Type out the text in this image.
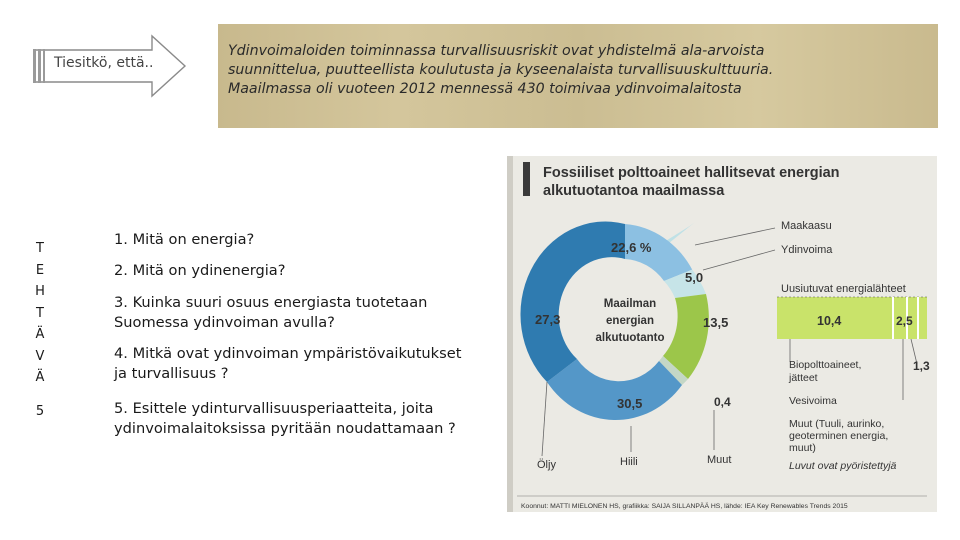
Tiesitkö, että..
Ydinvoimaloiden toiminnassa turvallisuusriskit ovat yhdistelmä ala-arvoista
suunnittelua, puutteellista koulutusta ja kyseenalaista turvallisuuskulttuuria.
Maailmassa oli vuoteen 2012 mennessä 430 toimivaa ydinvoimalaitosta
T
E
H
T
Ä
V
Ä
5
1. Mitä on energia?
2. Mitä on ydinenergia?
3. Kuinka suuri osuus energiasta tuotetaan
Suomessa ydinvoiman avulla?
4. Mitkä ovat ydinvoiman ympäristövaikutukset
ja turvallisuus ?
5. Esittele ydinturvallisuusperiaatteita, joita
ydinvoimalaitoksissa pyritään noudattamaan ?
Fossiiliset polttoaineet hallitsevat energian
alkutuotantoa maailmassa
22,6 %
5,0
13,5
27,3
30,5	0,4
Maailman
energian
alkutuotanto
Maakaasu
Ydinvoima
Uusiutuvat energialähteet
10,4	2,5
1,3
Biopolttoaineet,
jätteet
Vesivoima
Muut (Tuuli, aurinko,
geoterminen energia,
muut)
Luvut ovat pyöristettyjä
Öljy	Hiili	Muut
Koonnut: MATTI MIELONEN HS, grafiikka: SAIJA SILLANPÄÄ HS, lähde: IEA Key Renewables Trends 2015
